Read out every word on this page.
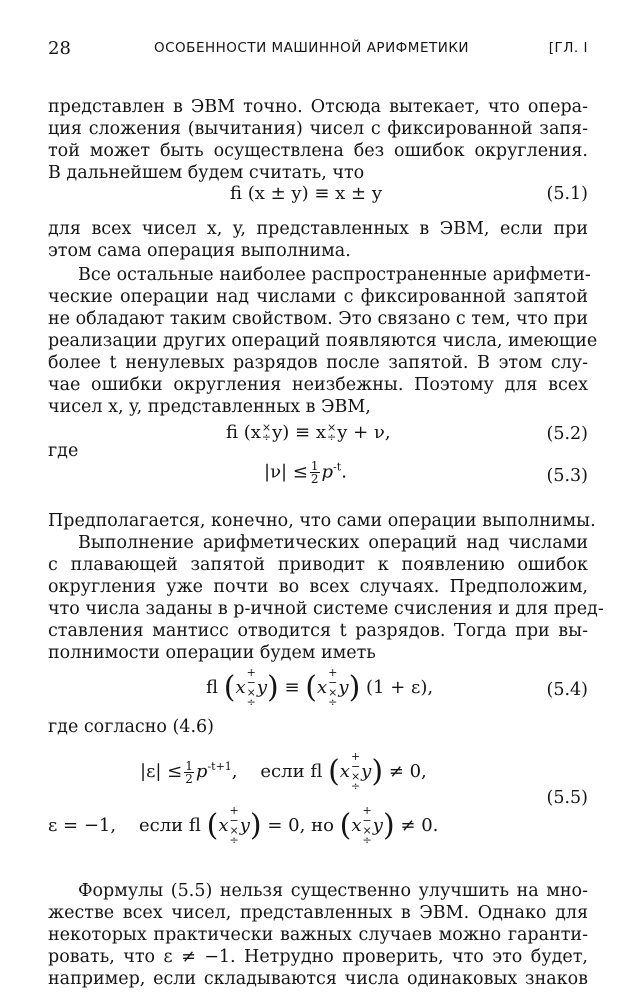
28	ОСОБЕННОСТИ МАШИННОЙ АРИФМЕТИКИ	[ГЛ. I
представлен в ЭВМ точно. Отсюда вытекает, что опера-
ция сложения (вычитания) чисел с фиксированной запя-
той может быть осуществлена без ошибок округления.
В дальнейшем будем считать, что
fi (x ± y) ≡ x ± y	(5.1)
для всех чисел x, y, представленных в ЭВМ, если при
этом сама операция выполнима.
Все остальные наиболее распространенные арифмети-
ческие операции над числами с фиксированной запятой
не обладают таким свойством. Это связано с тем, что при
реализации других операций появляются числа, имеющие
более t ненулевых разрядов после запятой. В этом слу-
чае ошибки округления неизбежны. Поэтому для всех
чисел x, y, представленных в ЭВМ,
fi (x ×
÷ y) ≡ x ×
÷ y + ν,	(5.2)
где
$|\nu| \le \frac{1}{2} p^{-t}$.	(5.3)
Предполагается, конечно, что сами операции выполнимы.
Выполнение арифметических операций над числами
с плавающей запятой приводит к появлению ошибок
округления уже почти во всех случаях. Предположим,
что числа заданы в p-ичной системе счисления и для пред-
ставления мантисс отводится t разрядов. Тогда при вы-
полнимости операции будем иметь
fl (x
+
−
×
÷
y) ≡ (x
+
−
×
÷
y) (1 + ε),	(5.4)
где согласно (4.6)
$|\varepsilon| \le \frac{1}{2} p^{-t+1}$,    если fl (x
+
−
×
÷
y) ≠ 0,
ε = −1, если fl (x
+
−
×
÷
y) = 0, но (x
+
−
×
÷
y) ≠ 0.
(5.5)
Формулы (5.5) нельзя существенно улучшить на мно-
жестве всех чисел, представленных в ЭВМ. Однако для
некоторых практически важных случаев можно гаранти-
ровать, что ε ≠ −1. Нетрудно проверить, что это будет,
например, если складываются числа одинаковых знаков
